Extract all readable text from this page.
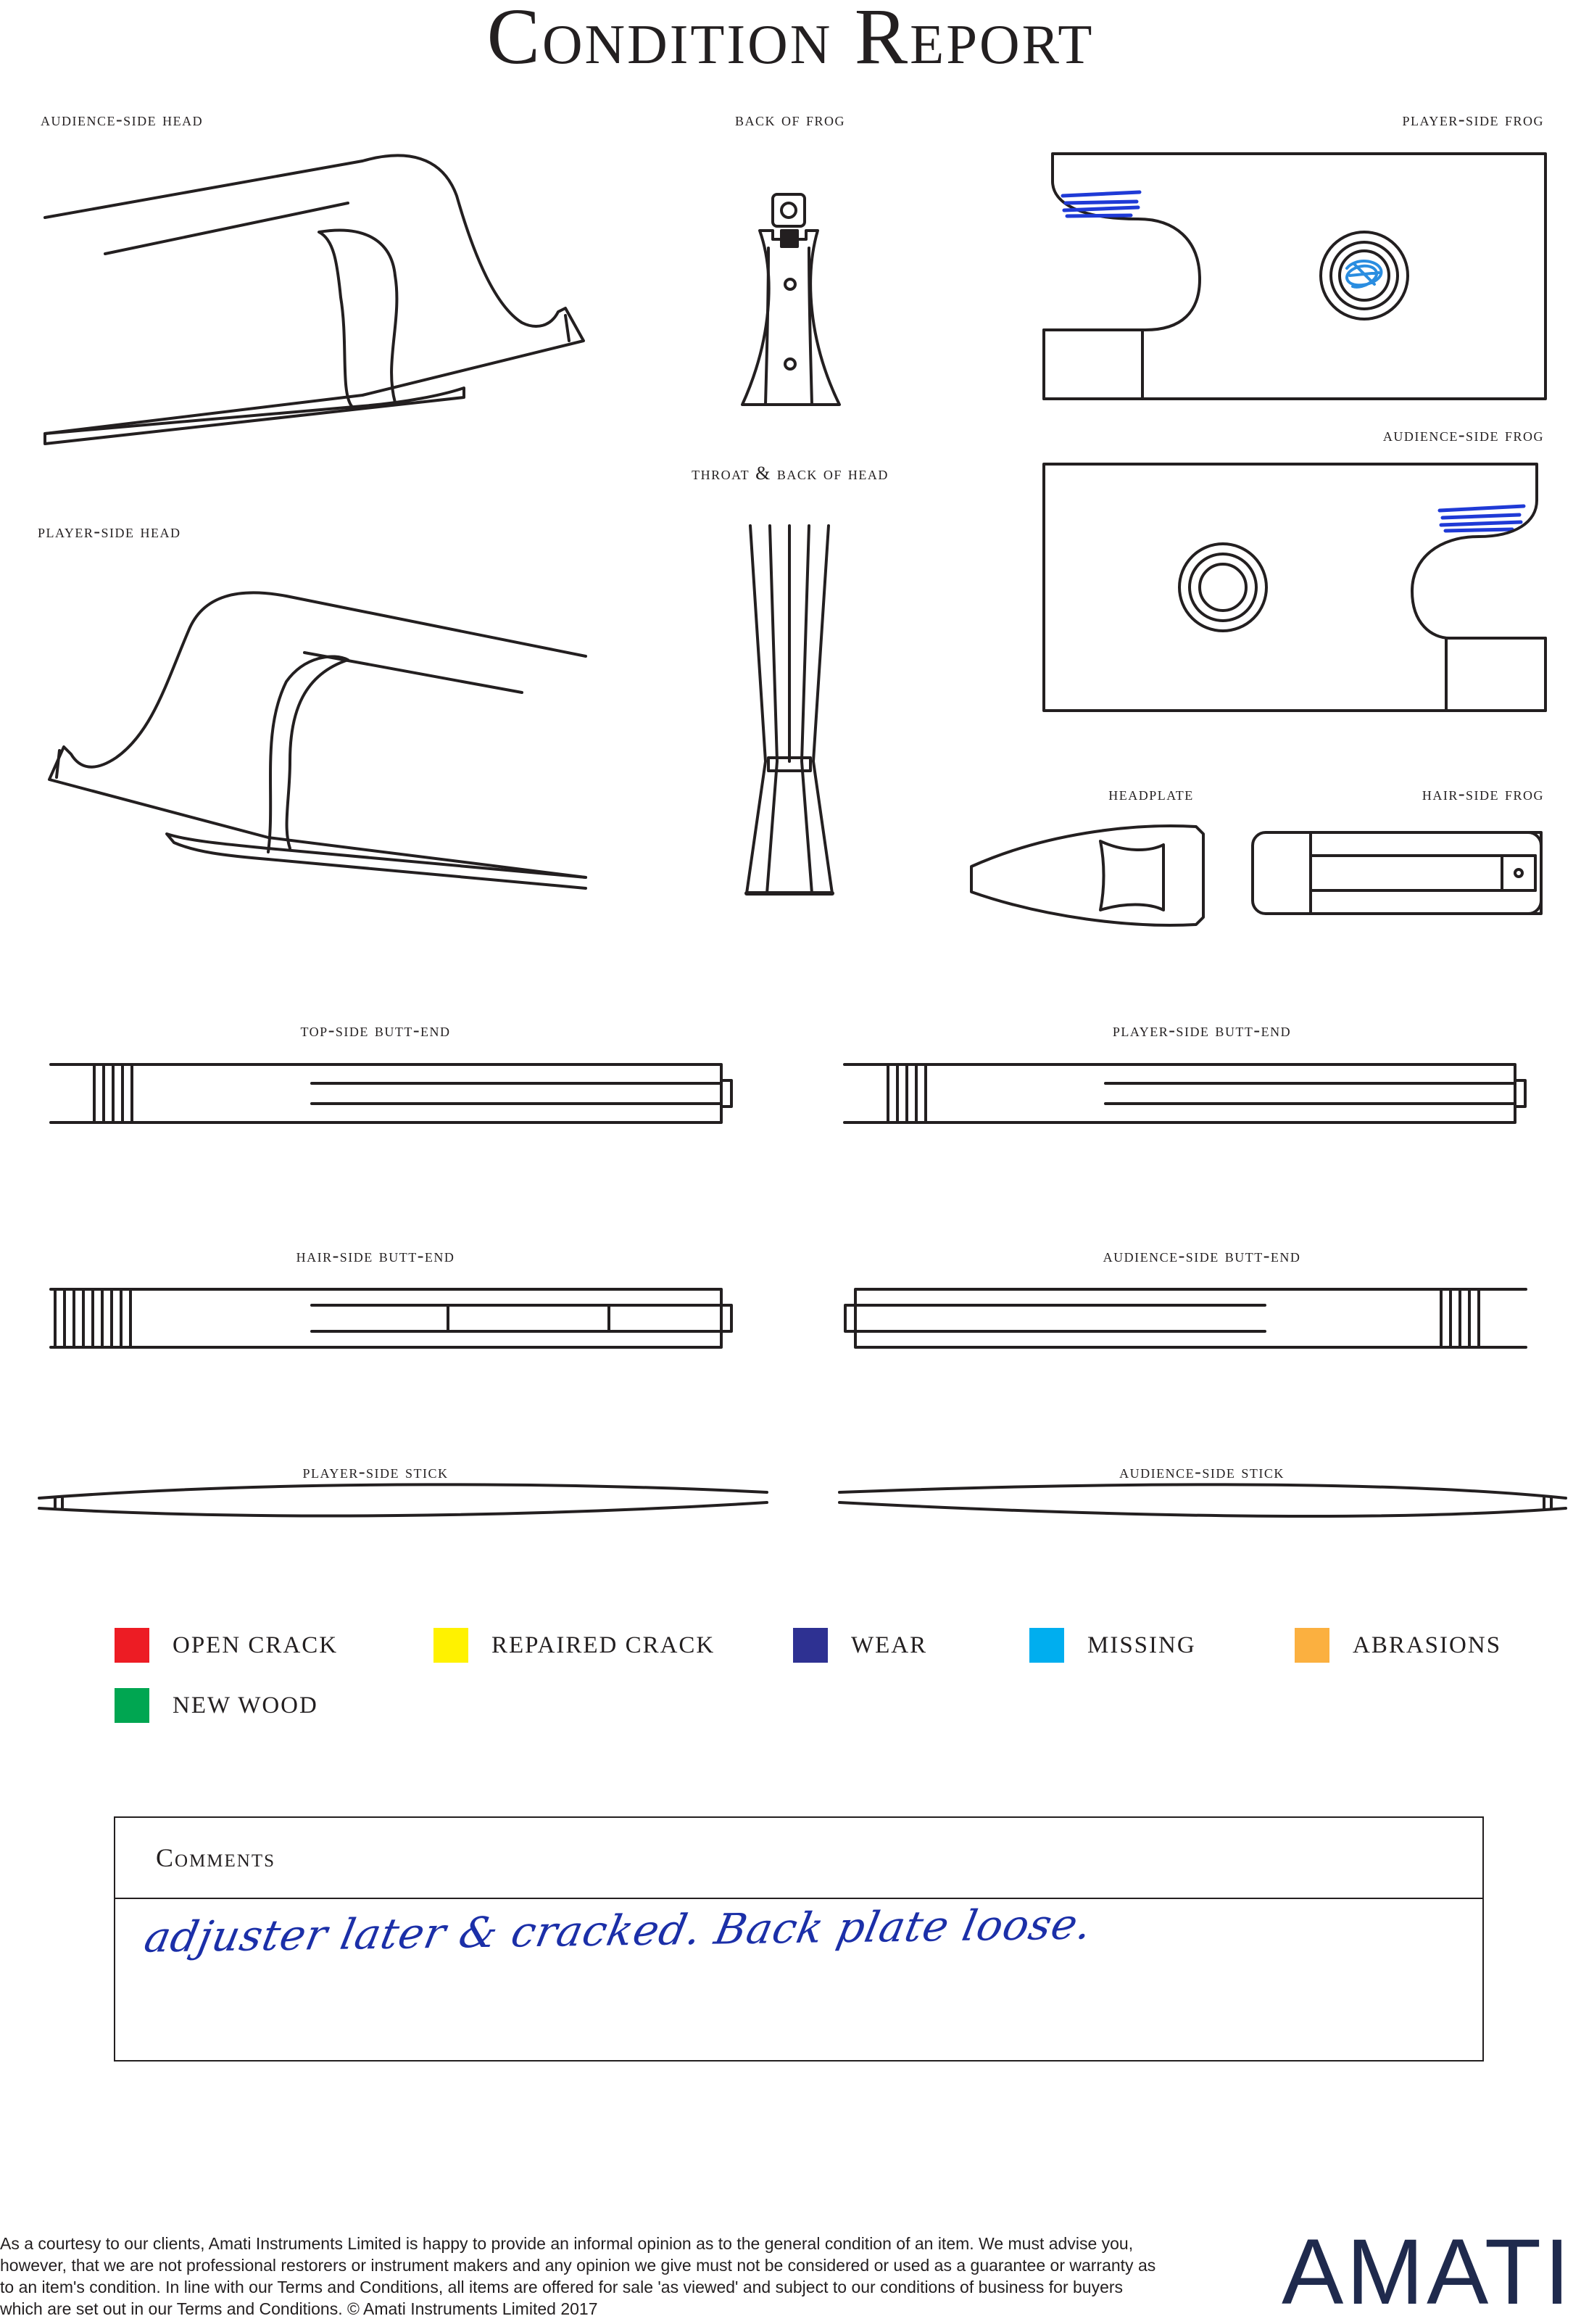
Condition Report
audience-side head	back of frog	player-side frog
audience-side frog
throat & back of head
player-side head
headplate	hair-side frog
top-side butt-end	player-side butt-end
hair-side butt-end	audience-side butt-end
player-side stick	audience-side stick
OPEN CRACK	REPAIRED CRACK	WEAR	MISSING	ABRASIONS
NEW WOOD
Comments
adjuster later & cracked. Back plate loose.
As a courtesy to our clients, Amati Instruments Limited is happy to provide an informal opinion as to the general condition of an item. We must advise you, however, that we are not professional restorers or instrument makers and any opinion we give must not be considered or used as a guarantee or warranty as to an item's condition. In line with our Terms and Conditions, all items are offered for sale 'as viewed' and subject to our conditions of business for buyers which are set out in our Terms and Conditions. © Amati Instruments Limited 2017	AMATI
